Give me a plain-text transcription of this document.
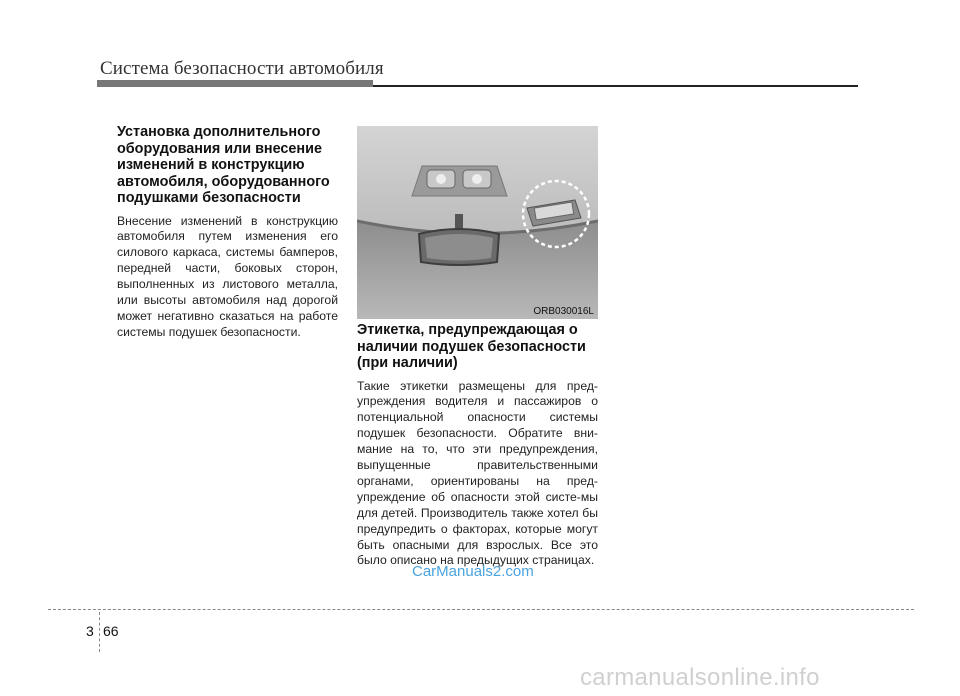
Система безопасности автомобиля
Установка дополнительного оборудования или внесение изменений в конструкцию автомобиля, оборудованного подушками безопасности

Внесение изменений в конструкцию автомобиля путем изменения его силового каркаса, системы бамперов, передней части, боковых сторон, выполненных из листового металла, или высоты автомобиля над дорогой может негативно сказаться на работе системы подушек безопасности.

ORB030016L
Этикетка, предупреждающая о наличии подушек безопасности (при наличии)

Такие этикетки размещены для пред-упреждения водителя и пассажиров о потенциальной опасности системы подушек безопасности. Обратите вни-мание на то, что эти предупреждения, выпущенные правительственными органами, ориентированы на пред-упреждение об опасности этой систе-мы для детей. Производитель также хотел бы предупредить о факторах, которые могут быть опасными для взрослых. Все это было описано на предыдущих страницах.

CarManuals2.com
3 66
carmanualsonline.info
